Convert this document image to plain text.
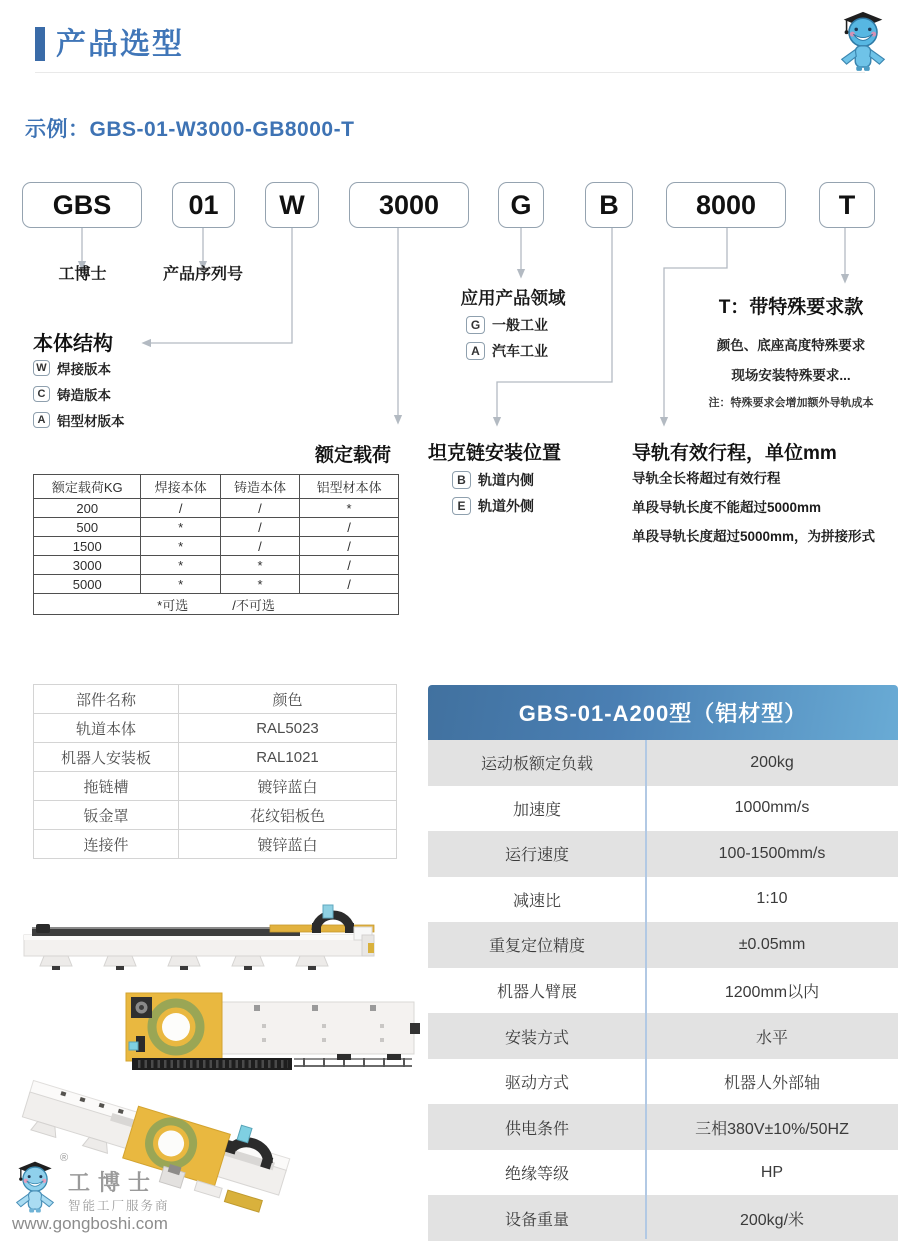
产品选型
示例：GBS-01-W3000-GB8000-T
GBS	01	W	3000	G	B	8000	T
工博士	产品序列号
应用产品领域
G 一般工业
A 汽车工业
本体结构
W 焊接版本
C 铸造版本
A 铝型材版本
额定载荷	坦克链安装位置
B 轨道内侧
E 轨道外侧
导轨有效行程，单位mm
导轨全长将超过有效行程
单段导轨长度不能超过5000mm
单段导轨长度超过5000mm，为拼接形式
T：带特殊要求款
颜色、底座高度特殊要求
现场安装特殊要求...
注：特殊要求会增加额外导轨成本
额定载荷KG	焊接本体	铸造本体	铝型材本体
200	/	/	*
500	*	/	/
1500	*	/	/
3000	*	*	/
5000	*	*	/
*可选 /不可选			
部件名称	颜色
轨道本体	RAL5023
机器人安装板	RAL1021
拖链槽	镀锌蓝白
钣金罩	花纹铝板色
连接件	镀锌蓝白
GBS-01-A200型（铝材型）
运动板额定负载	200kg
加速度	1000mm/s
运行速度	100-1500mm/s
减速比	1:10
重复定位精度	±0.05mm
机器人臂展	1200mm以内
安装方式	水平
驱动方式	机器人外部轴
供电条件	三相380V±10%/50HZ
绝缘等级	HP
设备重量	200kg/米
®
工博士
智能工厂服务商
www.gongboshi.com
